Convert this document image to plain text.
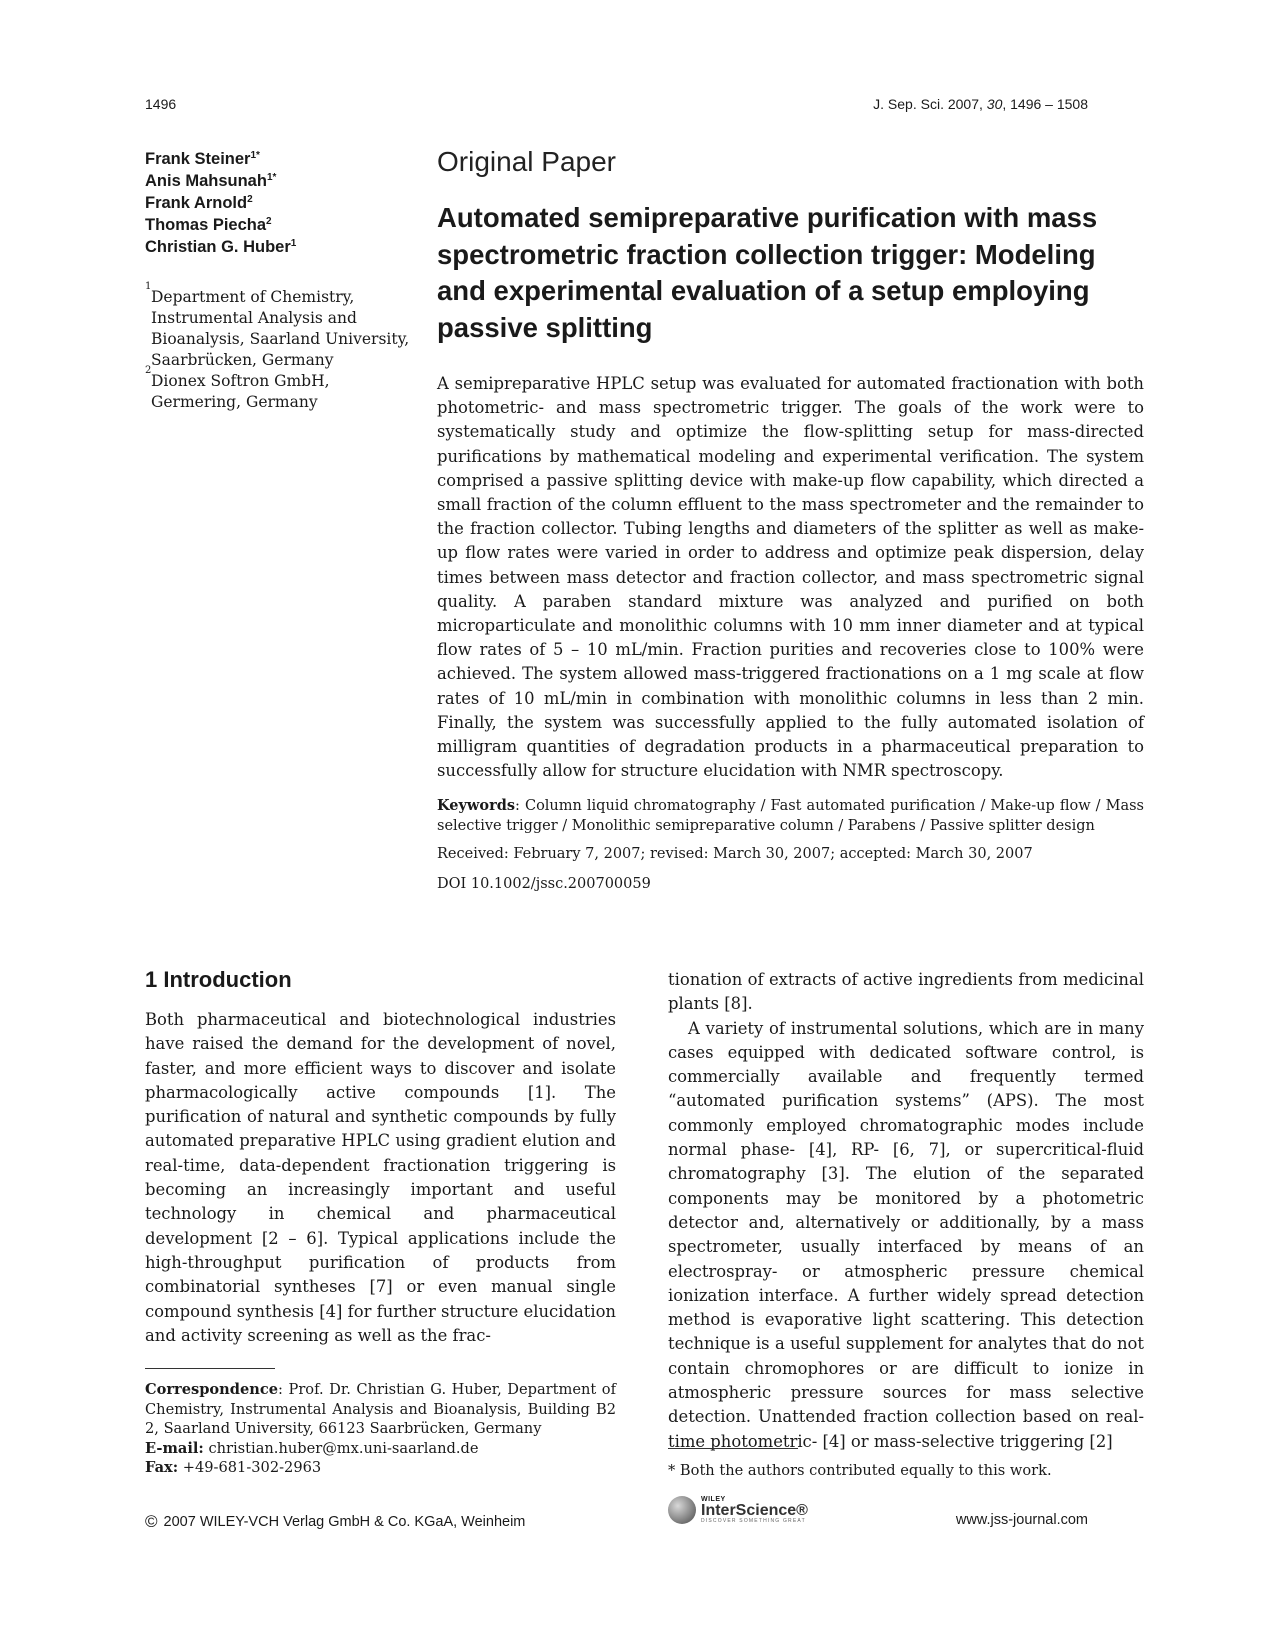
1496	J. Sep. Sci. 2007, 30, 1496 – 1508
Frank Steiner$^{1*}$
Anis Mahsunah$^{1*}$
Frank Arnold$^2$
Thomas Piecha$^2$
Christian G. Huber$^1$
1
Department of Chemistry, Instrumental Analysis and Bioanalysis, Saarland University, Saarbrücken, Germany
2
Dionex Softron GmbH, Germering, Germany
Original Paper
Automated semipreparative purification with mass spectrometric fraction collection trigger: Modeling and experimental evaluation of a setup employing passive splitting
A semipreparative HPLC setup was evaluated for automated fractionation with both photometric- and mass spectrometric trigger. The goals of the work were to systematically study and optimize the flow-splitting setup for mass-directed purifications by mathematical modeling and experimental verification. The system comprised a passive splitting device with make-up flow capability, which directed a small fraction of the column effluent to the mass spectrometer and the remainder to the fraction collector. Tubing lengths and diameters of the splitter as well as make-up flow rates were varied in order to address and optimize peak dispersion, delay times between mass detector and fraction collector, and mass spectrometric signal quality. A paraben standard mixture was analyzed and purified on both microparticulate and monolithic columns with 10 mm inner diameter and at typical flow rates of 5 – 10 mL/min. Fraction purities and recoveries close to 100% were achieved. The system allowed mass-triggered fractionations on a 1 mg scale at flow rates of 10 mL/min in combination with monolithic columns in less than 2 min. Finally, the system was successfully applied to the fully automated isolation of milligram quantities of degradation products in a pharmaceutical preparation to successfully allow for structure elucidation with NMR spectroscopy.
Keywords: Column liquid chromatography / Fast automated purification / Make-up flow / Mass selective trigger / Monolithic semipreparative column / Parabens / Passive splitter design
Received: February 7, 2007; revised: March 30, 2007; accepted: March 30, 2007
DOI 10.1002/jssc.200700059
1 Introduction

Both pharmaceutical and biotechnological industries have raised the demand for the development of novel, faster, and more efficient ways to discover and isolate pharmacologically active compounds [1]. The purification of natural and synthetic compounds by fully automated preparative HPLC using gradient elution and real-time, data-dependent fractionation triggering is becoming an increasingly important and useful technology in chemical and pharmaceutical development [2 – 6]. Typical applications include the high-throughput purification of products from combinatorial syntheses [7] or even manual single compound synthesis [4] for further structure elucidation and activity screening as well as the frac-

tionation of extracts of active ingredients from medicinal plants [8].

A variety of instrumental solutions, which are in many cases equipped with dedicated software control, is commercially available and frequently termed “automated purification systems” (APS). The most commonly employed chromatographic modes include normal phase- [4], RP- [6, 7], or supercritical-fluid chromatography [3]. The elution of the separated components may be monitored by a photometric detector and, alternatively or additionally, by a mass spectrometer, usually interfaced by means of an electrospray- or atmospheric pressure chemical ionization interface. A further widely spread detection method is evaporative light scattering. This detection technique is a useful supplement for analytes that do not contain chromophores or are difficult to ionize in atmospheric pressure sources for mass selective detection. Unattended fraction collection based on real-time photometric- [4] or mass-selective triggering [2]

Correspondence: Prof. Dr. Christian G. Huber, Department of Chemistry, Instrumental Analysis and Bioanalysis, Building B2 2, Saarland University, 66123 Saarbrücken, Germany
E-mail: christian.huber@mx.uni-saarland.de
Fax: +49-681-302-2963	* Both the authors contributed equally to this work.
© 2007 WILEY-VCH Verlag GmbH & Co. KGaA, Weinheim
WILEY
InterScience®
DISCOVER SOMETHING GREAT	www.jss-journal.com
